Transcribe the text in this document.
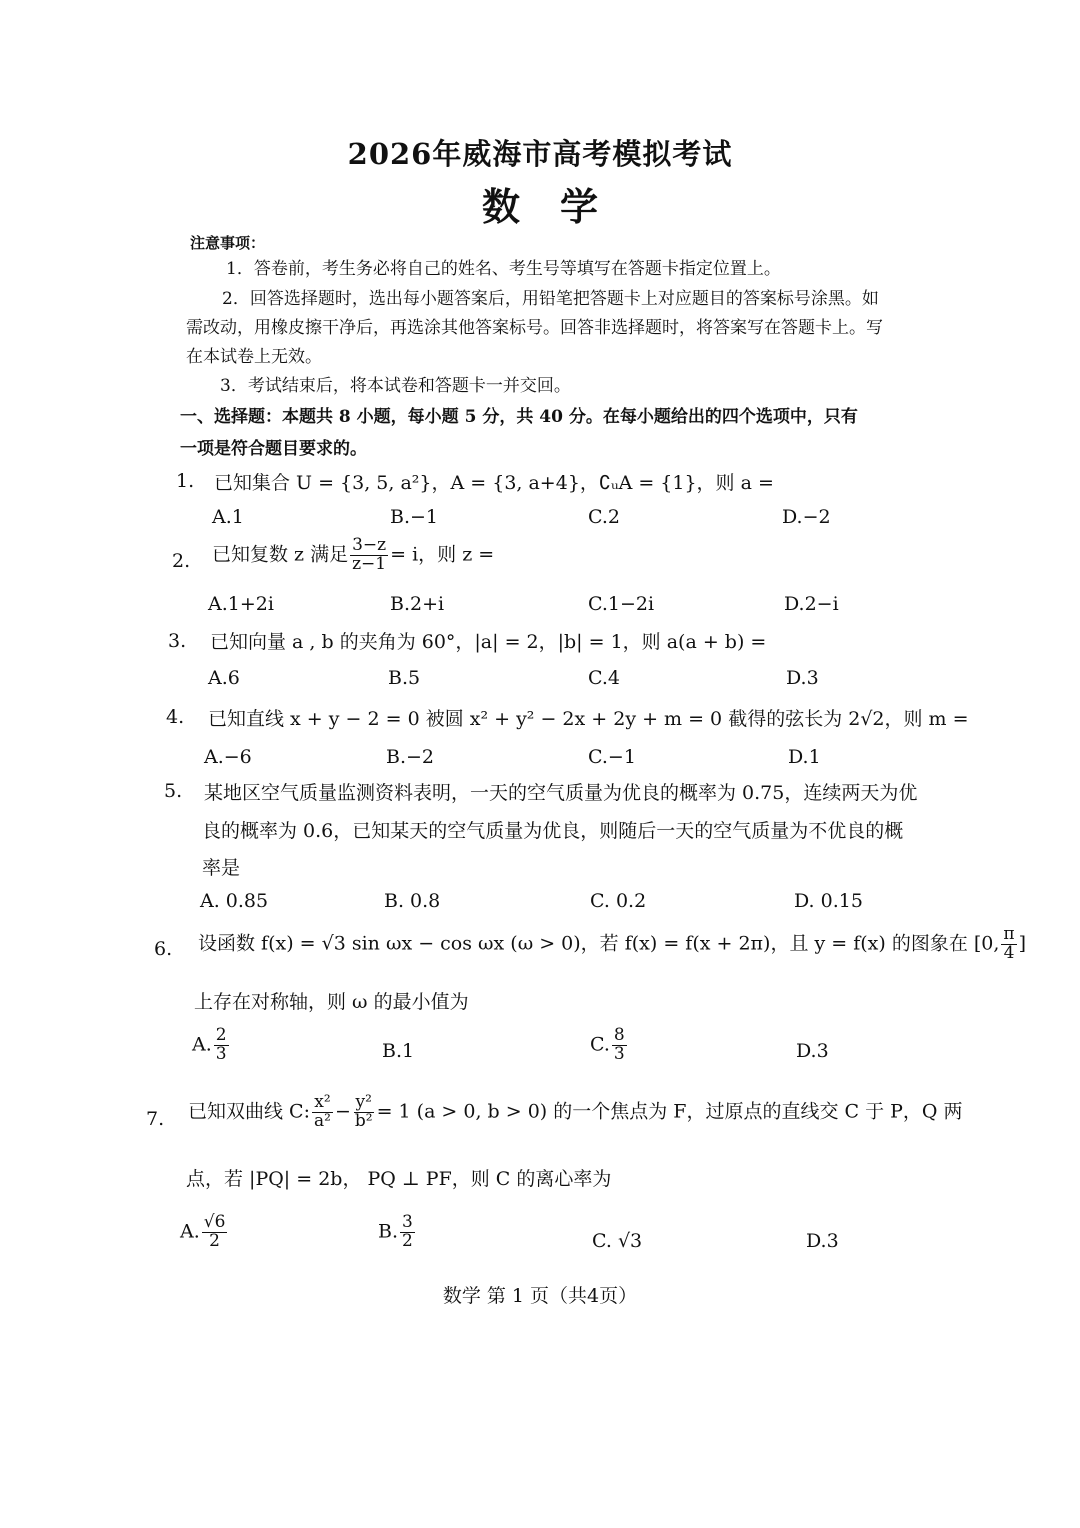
2026年威海市高考模拟考试
数学
注意事项：
1．答卷前，考生务必将自己的姓名、考生号等填写在答题卡指定位置上。
2．回答选择题时，选出每小题答案后，用铅笔把答题卡上对应题目的答案标号涂黑。如
需改动，用橡皮擦干净后，再选涂其他答案标号。回答非选择题时，将答案写在答题卡上。写
在本试卷上无效。
3．考试结束后，将本试卷和答题卡一并交回。
一、选择题：本题共 8 小题，每小题 5 分，共 40 分。在每小题给出的四个选项中，只有
一项是符合题目要求的。
1. 已知集合 U = {3, 5, a²}，A = {3, a+4}，∁ᵤA = {1}，则 a =
A.1	B.−1	C.2	D.−2
2. 已知复数 z 满足 $\frac{3-z}{z-1} = i$，则 z =
A.1+2i	B.2+i	C.1−2i	D.2−i
3. 已知向量 a , b 的夹角为 60°，|a| = 2，|b| = 1，则 a(a + b) =
A.6	B.5	C.4	D.3
4. 已知直线 x + y − 2 = 0 被圆 x² + y² − 2x + 2y + m = 0 截得的弦长为 2√2，则 m =
A.−6	B.−2	C.−1	D.1
5. 某地区空气质量监测资料表明，一天的空气质量为优良的概率为 0.75，连续两天为优
良的概率为 0.6，已知某天的空气质量为优良，则随后一天的空气质量为不优良的概
率是
A. 0.85	B. 0.8	C. 0.2	D. 0.15
6. 设函数 f(x) = √3 sin ωx − cos ωx (ω > 0)，若 f(x) = f(x + 2π)，且 y = f(x) 的图象在 [0, $\frac{\pi}{4}$ ]
上存在对称轴，则 ω 的最小值为
A. $\frac{2}{3}$	B.1	C. $\frac{8}{3}$	D.3
7. 已知双曲线 C: $\frac{\text{x²}}{\text{a²}} - \frac{\text{y²}}{\text{b²}} = 1$ (a > 0, b > 0) 的一个焦点为 F，过原点的直线交 C 于 P，Q 两
点，若 |PQ| = 2b， PQ ⊥ PF，则 C 的离心率为
A. $\frac{√6}{2}$	B. $\frac{3}{2}$	C. √3	D.3
数学 第 1 页（共4页）
